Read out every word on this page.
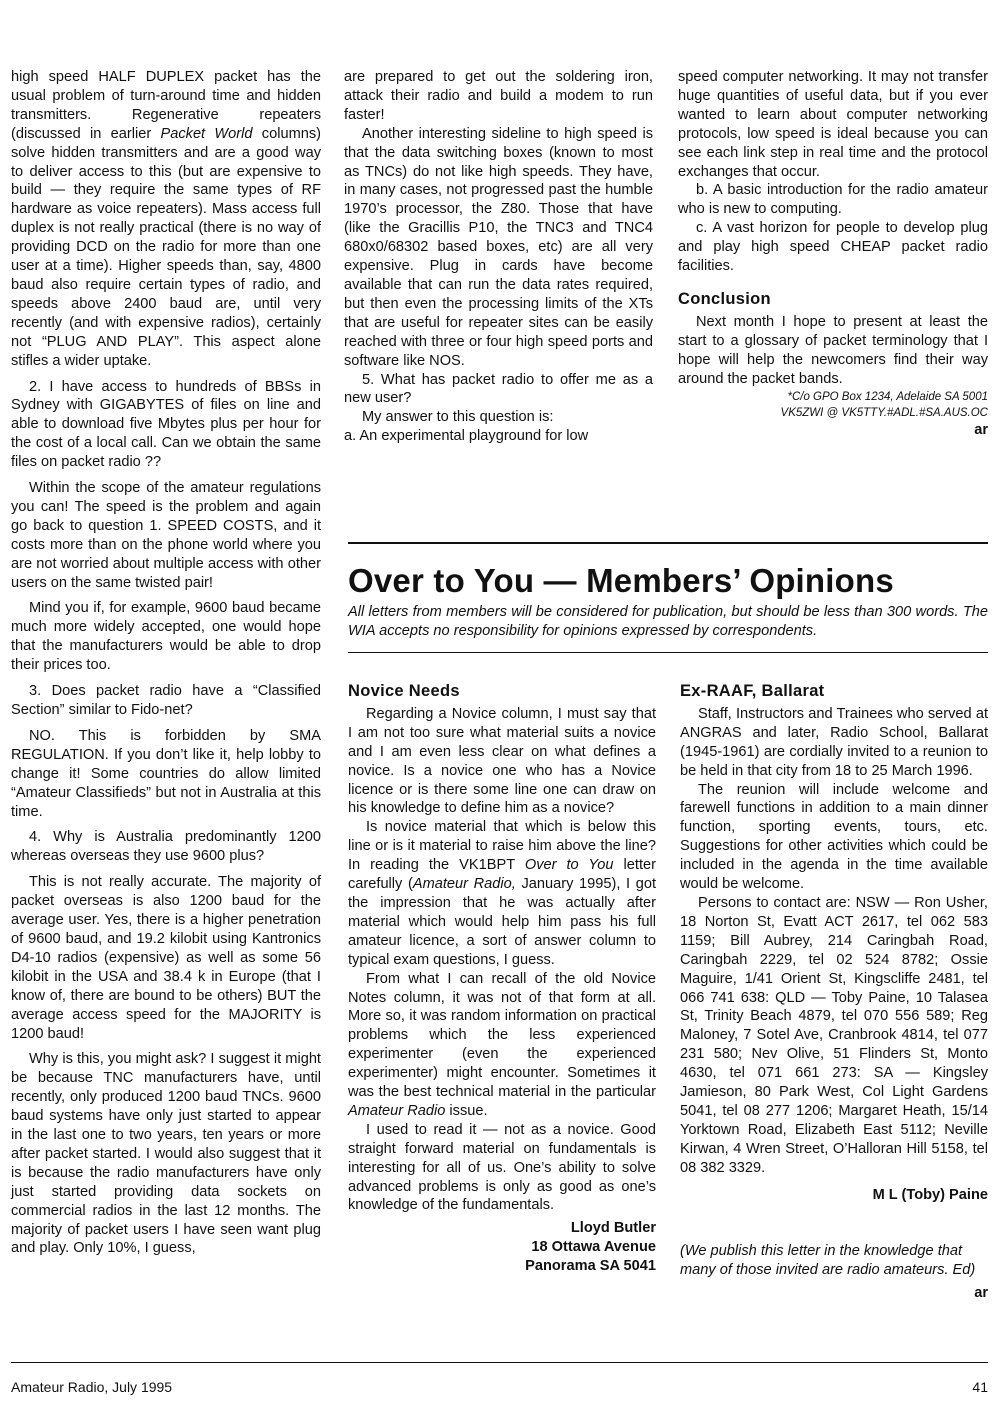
high speed HALF DUPLEX packet has the usual problem of turn-around time and hidden transmitters. Regenerative repeaters (discussed in earlier Packet World columns) solve hidden transmitters and are a good way to deliver access to this (but are expensive to build — they require the same types of RF hardware as voice repeaters). Mass access full duplex is not really practical (there is no way of providing DCD on the radio for more than one user at a time). Higher speeds than, say, 4800 baud also require certain types of radio, and speeds above 2400 baud are, until very recently (and with expensive radios), certainly not “PLUG AND PLAY”. This aspect alone stifles a wider uptake.

2. I have access to hundreds of BBSs in Sydney with GIGABYTES of files on line and able to download five Mbytes plus per hour for the cost of a local call. Can we obtain the same files on packet radio ??

Within the scope of the amateur regulations you can! The speed is the problem and again go back to question 1. SPEED COSTS, and it costs more than on the phone world where you are not worried about multiple access with other users on the same twisted pair!

Mind you if, for example, 9600 baud became much more widely accepted, one would hope that the manufacturers would be able to drop their prices too.

3. Does packet radio have a “Classified Section” similar to Fido-net?

NO. This is forbidden by SMA REGULATION. If you don’t like it, help lobby to change it! Some countries do allow limited “Amateur Classifieds” but not in Australia at this time.

4. Why is Australia predominantly 1200 whereas overseas they use 9600 plus?

This is not really accurate. The majority of packet overseas is also 1200 baud for the average user. Yes, there is a higher penetration of 9600 baud, and 19.2 kilobit using Kantronics D4-10 radios (expensive) as well as some 56 kilobit in the USA and 38.4 k in Europe (that I know of, there are bound to be others) BUT the average access speed for the MAJORITY is 1200 baud!

Why is this, you might ask? I suggest it might be because TNC manufacturers have, until recently, only produced 1200 baud TNCs. 9600 baud systems have only just started to appear in the last one to two years, ten years or more after packet started. I would also suggest that it is because the radio manufacturers have only just started providing data sockets on commercial radios in the last 12 months. The majority of packet users I have seen want plug and play. Only 10%, I guess,

are prepared to get out the soldering iron, attack their radio and build a modem to run faster!

Another interesting sideline to high speed is that the data switching boxes (known to most as TNCs) do not like high speeds. They have, in many cases, not progressed past the humble 1970’s processor, the Z80. Those that have (like the Gracillis P10, the TNC3 and TNC4 680x0/68302 based boxes, etc) are all very expensive. Plug in cards have become available that can run the data rates required, but then even the processing limits of the XTs that are useful for repeater sites can be easily reached with three or four high speed ports and software like NOS.

5. What has packet radio to offer me as a new user?

My answer to this question is:

a. An experimental playground for low

speed computer networking. It may not transfer huge quantities of useful data, but if you ever wanted to learn about computer networking protocols, low speed is ideal because you can see each link step in real time and the protocol exchanges that occur.

b. A basic introduction for the radio amateur who is new to computing.

c. A vast horizon for people to develop plug and play high speed CHEAP packet radio facilities.

Conclusion

Next month I hope to present at least the start to a glossary of packet terminology that I hope will help the newcomers find their way around the packet bands.

*C/o GPO Box 1234, Adelaide SA 5001
VK5ZWI @ VK5TTY.#ADL.#SA.AUS.OC
ar
Over to You — Members’ Opinions
All letters from members will be considered for publication, but should be less than 300 words. The WIA accepts no responsibility for opinions expressed by correspondents.
Novice Needs

Regarding a Novice column, I must say that I am not too sure what material suits a novice and I am even less clear on what defines a novice. Is a novice one who has a Novice licence or is there some line one can draw on his knowledge to define him as a novice?

Is novice material that which is below this line or is it material to raise him above the line? In reading the VK1BPT Over to You letter carefully (Amateur Radio, January 1995), I got the impression that he was actually after material which would help him pass his full amateur licence, a sort of answer column to typical exam questions, I guess.

From what I can recall of the old Novice Notes column, it was not of that form at all. More so, it was random information on practical problems which the less experienced experimenter (even the experienced experimenter) might encounter. Sometimes it was the best technical material in the particular Amateur Radio issue.

I used to read it — not as a novice. Good straight forward material on fundamentals is interesting for all of us. One’s ability to solve advanced problems is only as good as one’s knowledge of the fundamentals.

Lloyd Butler
18 Ottawa Avenue
Panorama SA 5041
Ex-RAAF, Ballarat

Staff, Instructors and Trainees who served at ANGRAS and later, Radio School, Ballarat (1945-1961) are cordially invited to a reunion to be held in that city from 18 to 25 March 1996.

The reunion will include welcome and farewell functions in addition to a main dinner function, sporting events, tours, etc. Suggestions for other activities which could be included in the agenda in the time available would be welcome.

Persons to contact are: NSW — Ron Usher, 18 Norton St, Evatt ACT 2617, tel 062 583 1159; Bill Aubrey, 214 Caringbah Road, Caringbah 2229, tel 02 524 8782; Ossie Maguire, 1/41 Orient St, Kingscliffe 2481, tel 066 741 638: QLD — Toby Paine, 10 Talasea St, Trinity Beach 4879, tel 070 556 589; Reg Maloney, 7 Sotel Ave, Cranbrook 4814, tel 077 231 580; Nev Olive, 51 Flinders St, Monto 4630, tel 071 661 273: SA — Kingsley Jamieson, 80 Park West, Col Light Gardens 5041, tel 08 277 1206; Margaret Heath, 15/14 Yorktown Road, Elizabeth East 5112; Neville Kirwan, 4 Wren Street, O’Halloran Hill 5158, tel 08 382 3329.

M L (Toby) Paine

(We publish this letter in the knowledge that many of those invited are radio amateurs. Ed)

ar
Amateur Radio, July 1995	41
